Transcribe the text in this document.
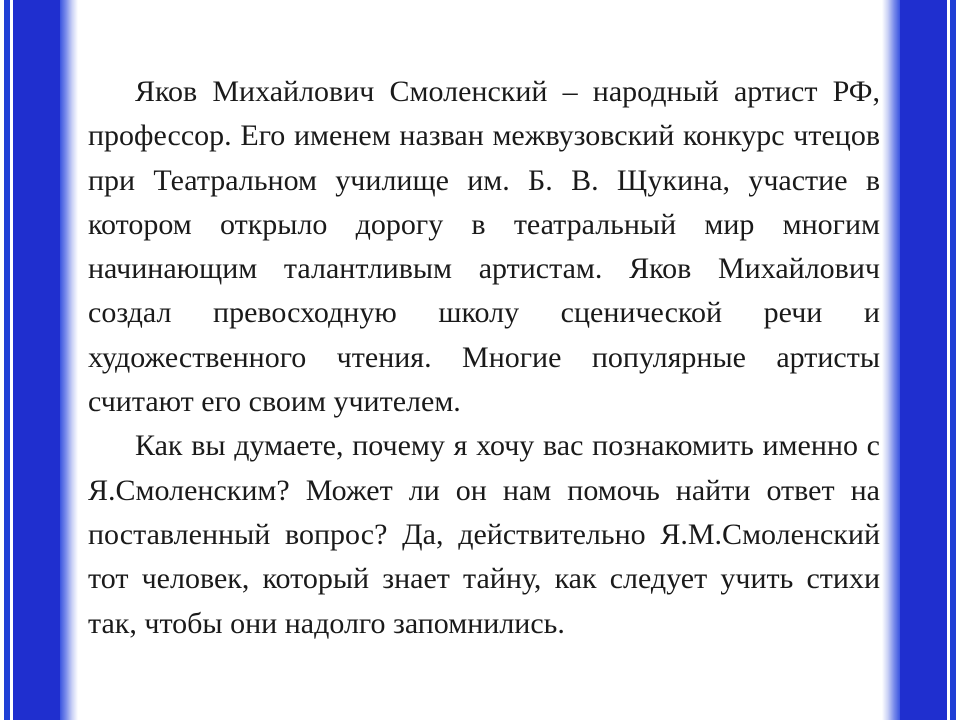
Яков Михайлович Смоленский – народный артист РФ, профессор. Его именем назван межвузовский конкурс чтецов при Театральном училище им. Б. В. Щукина, участие в котором открыло дорогу в театральный мир многим начинающим талантливым артистам. Яков Михайлович создал превосходную школу сценической речи и художественного чтения. Многие популярные артисты считают его своим учителем.

Как вы думаете, почему я хочу вас познакомить именно с Я.Смоленским? Может ли он нам помочь найти ответ на поставленный вопрос? Да, действительно Я.М.Смоленский тот человек, который знает тайну, как следует учить стихи так, чтобы они надолго запомнились.
